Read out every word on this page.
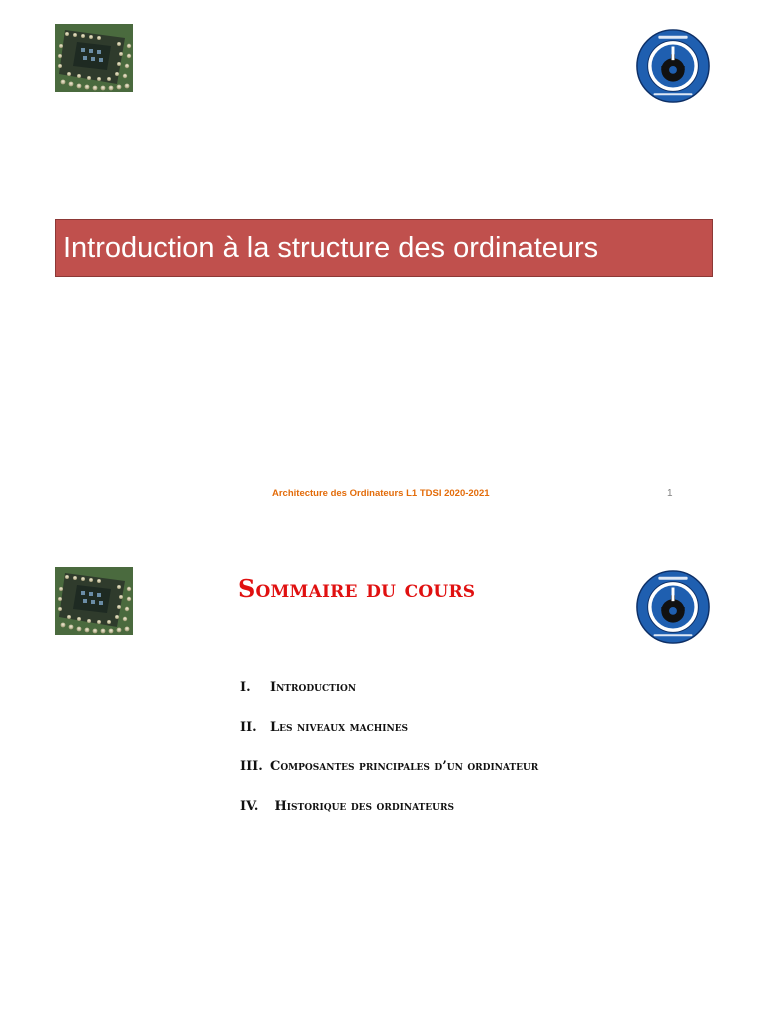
Introduction à la structure des ordinateurs
Architecture des Ordinateurs L1 TDSI 2020-2021	1
Sommaire du cours
I.	Introduction
II.	Les niveaux machines
III. Composantes principales d’un ordinateur
IV. Historique des ordinateurs
